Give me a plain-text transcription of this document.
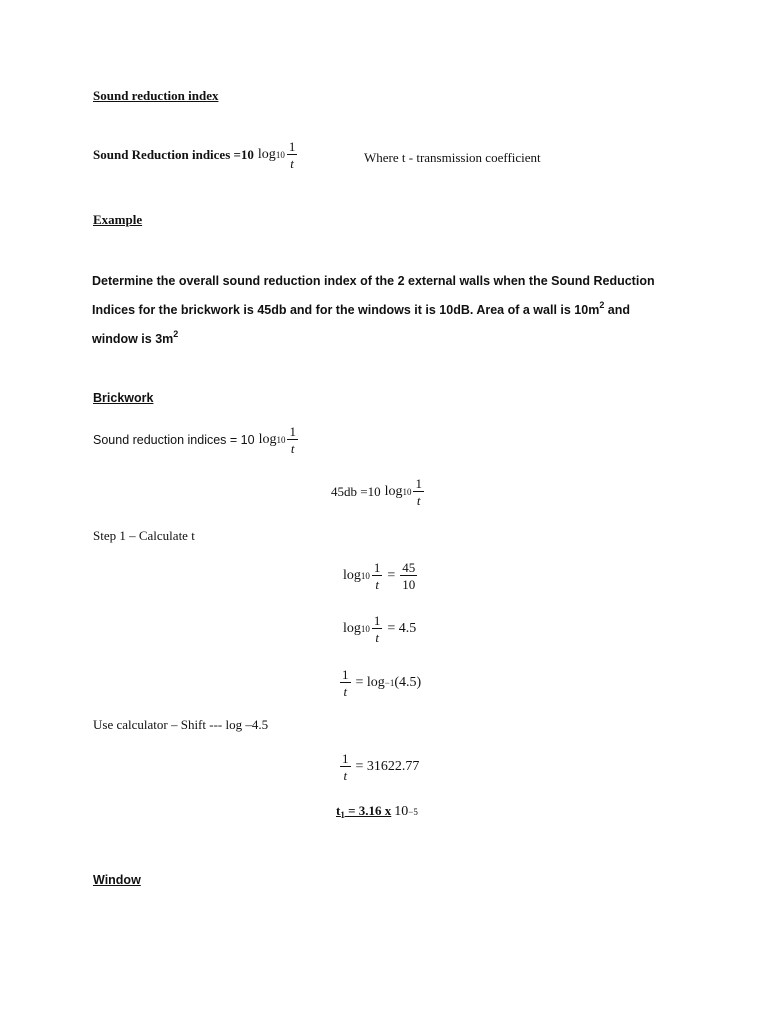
Sound reduction index
Sound Reduction indices =10 $\log 10 \frac{1}{t}$	Where t - transmission coefficient
Example
Determine the overall sound reduction index of the 2 external walls when the Sound Reduction
Indices for the brickwork is 45db and for the windows it is 10dB. Area of a wall is $10m^2$ and
window is $3m^2$
Brickwork
Sound reduction indices = 10 $\log 10 \frac{1}{t}$
45db =10 $\log 10 \frac{1}{t}$
Step 1 – Calculate t
$\log 10 \frac{1}{t} = \frac{45}{10}$
$\log 10 \frac{1}{t} = 4.5$
$\frac{1}{t} = \log -1$ (4.5)
Use calculator – Shift --- log –4.5
$\frac{1}{t} = 31622.77$
$t_1 = 3.16$ x 10 −5
Window
